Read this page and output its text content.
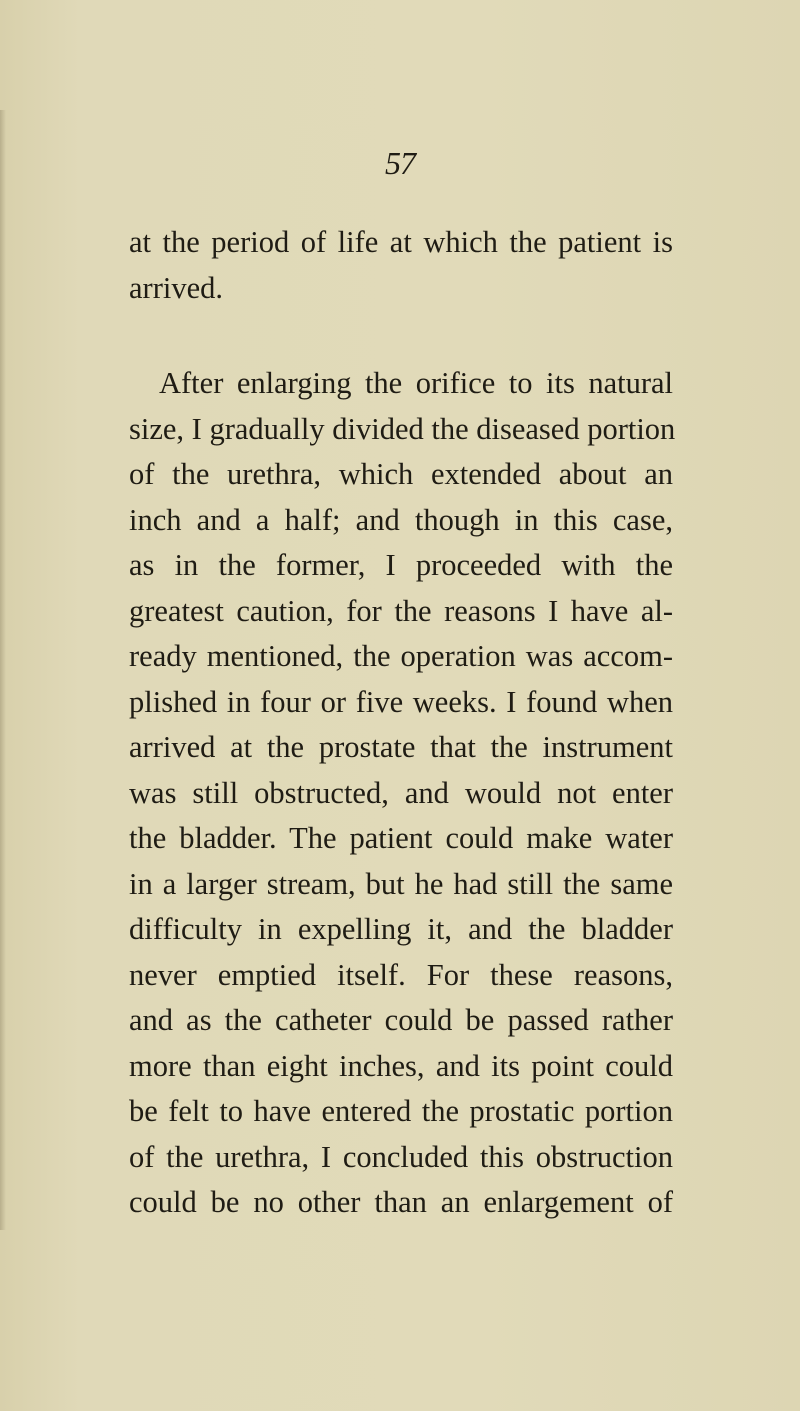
57
at the period of life at which the patient is
arrived.
After enlarging the orifice to its natural
size, I gradually divided the diseased portion
of the urethra, which extended about an
inch and a half; and though in this case,
as in the former, I proceeded with the
greatest caution, for the reasons I have al-
ready mentioned, the operation was accom-
plished in four or five weeks. I found when
arrived at the prostate that the instrument
was still obstructed, and would not enter
the bladder. The patient could make water
in a larger stream, but he had still the same
difficulty in expelling it, and the bladder
never emptied itself. For these reasons,
and as the catheter could be passed rather
more than eight inches, and its point could
be felt to have entered the prostatic portion
of the urethra, I concluded this obstruction
could be no other than an enlargement of
